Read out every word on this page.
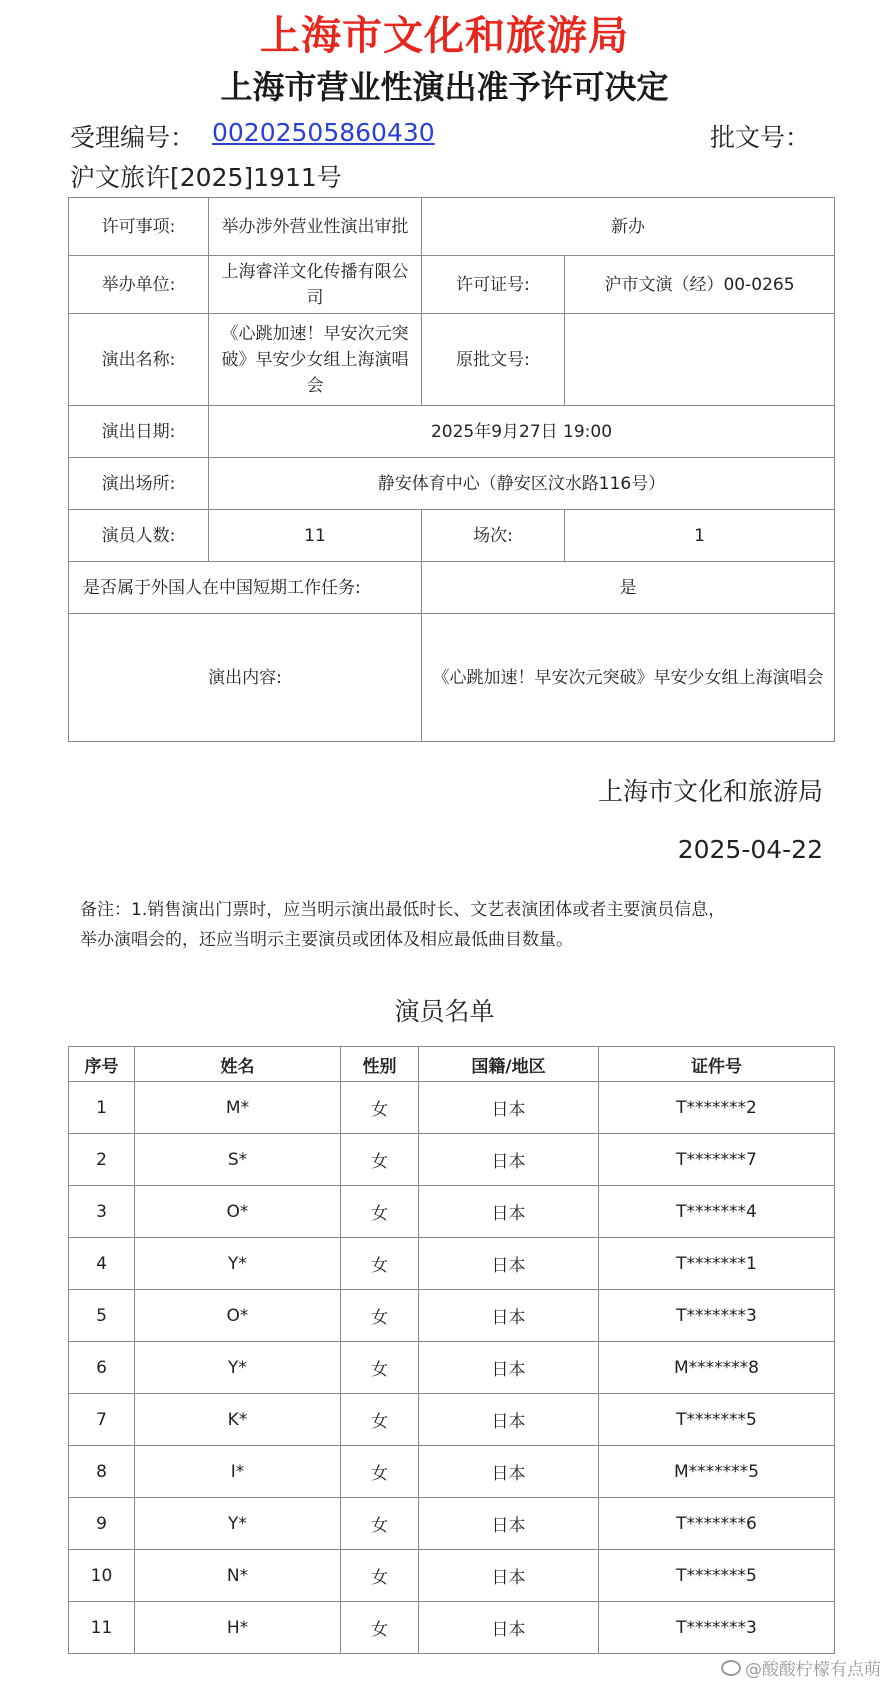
上海市文化和旅游局
上海市营业性演出准予许可决定
受理编号： 00202505860430	批文号：
沪文旅许[2025]1911号
许可事项:	举办涉外营业性演出审批	新办	
举办单位:	上海睿洋文化传播有限公司	许可证号:	沪市文演（经）00-0265
演出名称:	《心跳加速！早安次元突破》早安少女组上海演唱会	原批文号:	
演出日期:	2025年9月27日 19:00		
演出场所:	静安体育中心（静安区汶水路116号）		
演员人数:	11	场次:	1
是否属于外国人在中国短期工作任务:		是	
演出内容:		《心跳加速！早安次元突破》早安少女组上海演唱会	
上海市文化和旅游局
2025-04-22

备注：1.销售演出门票时，应当明示演出最低时长、文艺表演团体或者主要演员信息，
举办演唱会的，还应当明示主要演员或团体及相应最低曲目数量。

演员名单
序号	姓名	性别	国籍/地区	证件号
1	M*	女	日本	T*******2
2	S*	女	日本	T*******7
3	O*	女	日本	T*******4
4	Y*	女	日本	T*******1
5	O*	女	日本	T*******3
6	Y*	女	日本	M*******8
7	K*	女	日本	T*******5
8	I*	女	日本	M*******5
9	Y*	女	日本	T*******6
10	N*	女	日本	T*******5
11	H*	女	日本	T*******3
@酸酸柠檬有点萌
